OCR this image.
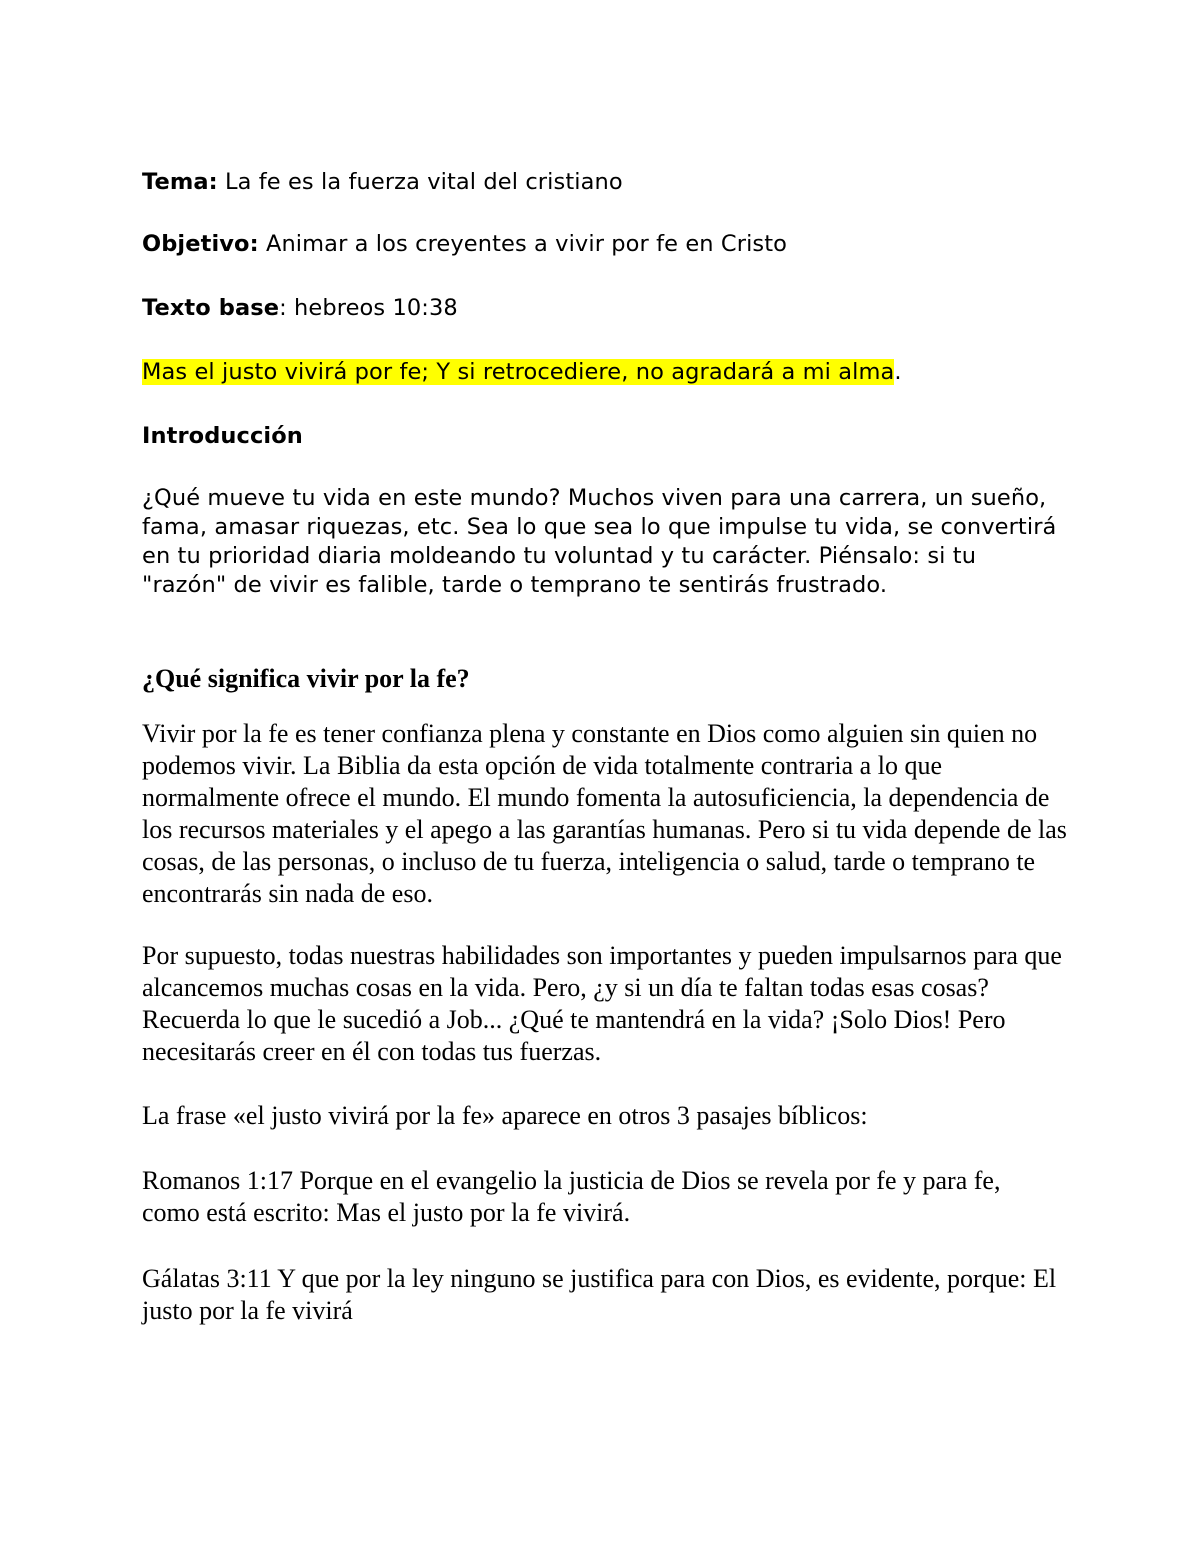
Tema: La fe es la fuerza vital del cristiano
Objetivo: Animar a los creyentes a vivir por fe en Cristo
Texto base: hebreos 10:38
Mas el justo vivirá por fe; Y si retrocediere, no agradará a mi alma.
Introducción

¿Qué mueve tu vida en este mundo? Muchos viven para una carrera, un sueño, fama, amasar riquezas, etc. Sea lo que sea lo que impulse tu vida, se convertirá en tu prioridad diaria moldeando tu voluntad y tu carácter. Piénsalo: si tu "razón" de vivir es falible, tarde o temprano te sentirás frustrado.

¿Qué significa vivir por la fe?

Vivir por la fe es tener confianza plena y constante en Dios como alguien sin quien no podemos vivir. La Biblia da esta opción de vida totalmente contraria a lo que normalmente ofrece el mundo. El mundo fomenta la autosuficiencia, la dependencia de los recursos materiales y el apego a las garantías humanas. Pero si tu vida depende de las cosas, de las personas, o incluso de tu fuerza, inteligencia o salud, tarde o temprano te encontrarás sin nada de eso.

Por supuesto, todas nuestras habilidades son importantes y pueden impulsarnos para que alcancemos muchas cosas en la vida. Pero, ¿y si un día te faltan todas esas cosas? Recuerda lo que le sucedió a Job... ¿Qué te mantendrá en la vida? ¡Solo Dios! Pero necesitarás creer en él con todas tus fuerzas.

La frase «el justo vivirá por la fe» aparece en otros 3 pasajes bíblicos:

Romanos 1:17 Porque en el evangelio la justicia de Dios se revela por fe y para fe, como está escrito: Mas el justo por la fe vivirá.

Gálatas 3:11 Y que por la ley ninguno se justifica para con Dios, es evidente, porque: El justo por la fe vivirá
